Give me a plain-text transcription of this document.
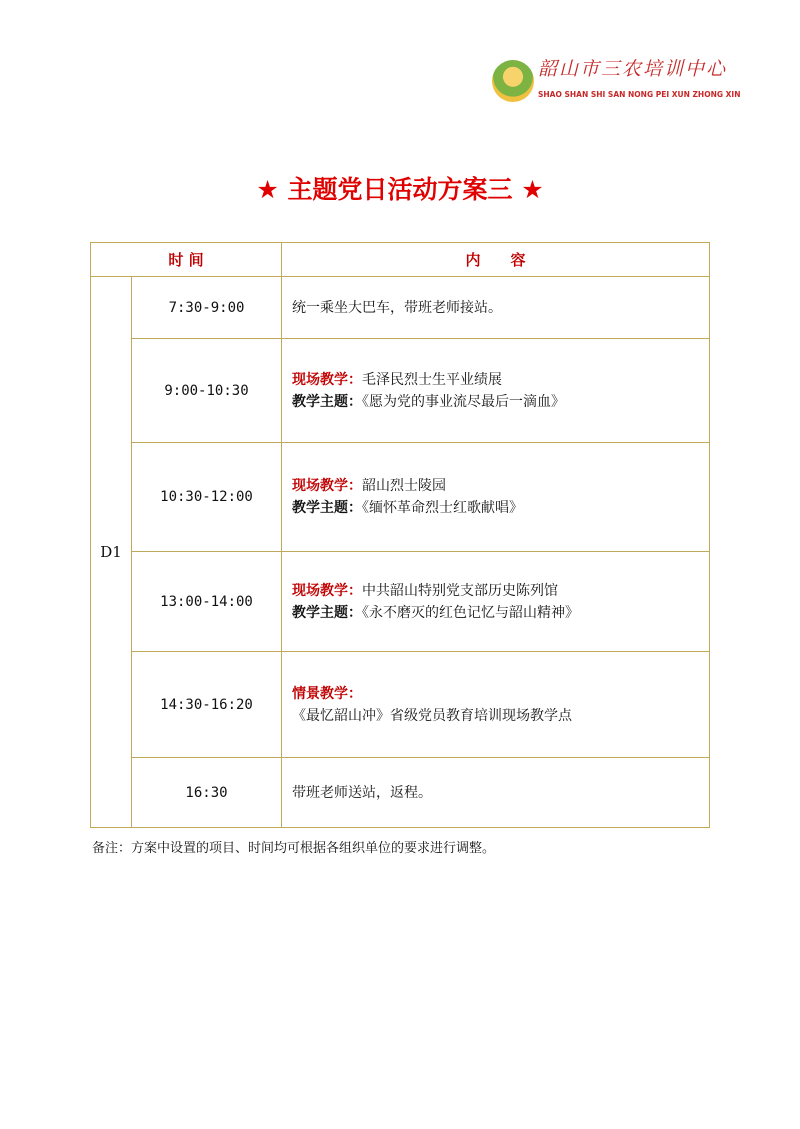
韶山市三农培训中心
SHAO SHAN SHI SAN NONG PEI XUN ZHONG XIN
★ 主题党日活动方案三 ★
时 间		内　　容
D1	7:30-9:00	统一乘坐大巴车，带班老师接站。
	9:00-10:30	现场教学：毛泽民烈士生平业绩展
教学主题：《愿为党的事业流尽最后一滴血》
	10:30-12:00	现场教学：韶山烈士陵园
教学主题：《缅怀革命烈士红歌献唱》
	13:00-14:00	现场教学：中共韶山特别党支部历史陈列馆
教学主题：《永不磨灭的红色记忆与韶山精神》
	14:30-16:20	情景教学：
《最忆韶山冲》省级党员教育培训现场教学点
	16:30	带班老师送站，返程。
备注：方案中设置的项目、时间均可根据各组织单位的要求进行调整。
